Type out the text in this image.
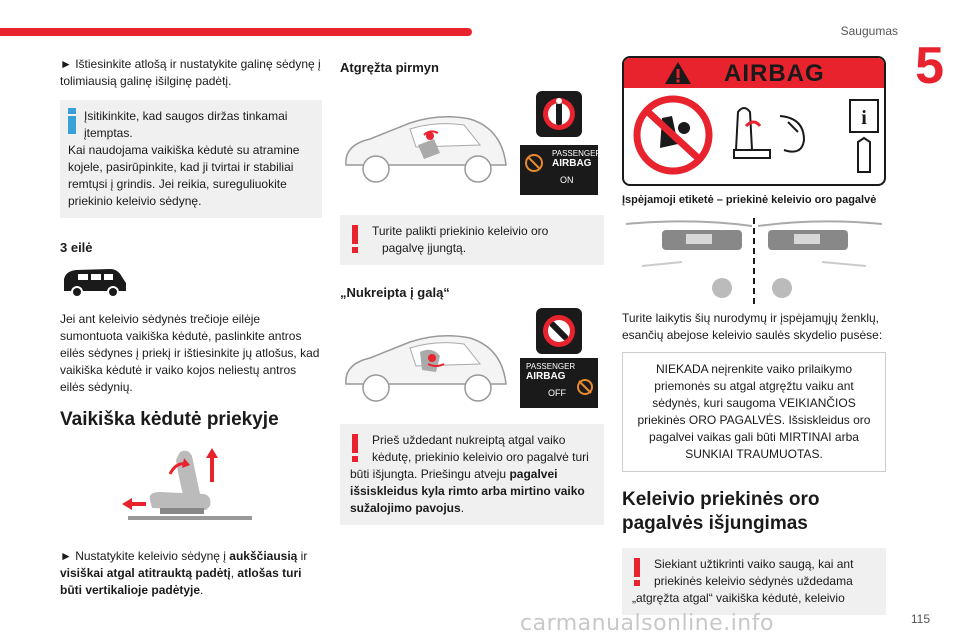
Saugumas
5

► Ištiesinkite atlošą ir nustatykite galinę sėdynę į tolimiausią galinę išilginę padėtį.

Įsitikinkite, kad saugos diržas tinkamai
įtemptas.
Kai naudojama vaikiška kėdutė su atramine kojele, pasirūpinkite, kad ji tvirtai ir stabiliai remtųsi į grindis. Jei reikia, sureguliuokite priekinio keleivio sėdynę.
3 eilė

Jei ant keleivio sėdynės trečioje eilėje sumontuota vaikiška kėdutė, paslinkite antros eilės sėdynes į priekį ir ištiesinkite jų atlošus, kad vaikiška kėdutė ir vaiko kojos neliestų antros eilės sėdynių.

Vaikiška kėdutė priekyje

► Nustatykite keleivio sėdynę į aukščiausią ir visiškai atgal atitrauktą padėtį, atlošas turi būti vertikalioje padėtyje.

Atgręžta pirmyn
PASSENGER
AIRBAG
ON
Turite palikti priekinio keleivio oro
pagalvę įjungtą.
„Nukreipta į galą“
PASSENGER
AIRBAG
OFF
Prieš uždedant nukreiptą atgal vaiko
kėdutę, priekinio keleivio oro pagalvė turi
būti išjungta. Priešingu atveju pagalvei išsiskleidus kyla rimto arba mirtino vaiko sužalojimo pavojus.
AIRBAG
i
Įspėjamoji etiketė – priekinė keleivio oro pagalvė

Turite laikytis šių nurodymų ir įspėjamųjų ženklų, esančių abejose keleivio saulės skydelio pusėse:

NIEKADA neįrenkite vaiko prilaikymo priemonės su atgal atgręžtu vaiku ant sėdynės, kuri saugoma VEIKIANČIOS priekinės ORO PAGALVĖS. Išsiskleidus oro pagalvei vaikas gali būti MIRTINAI arba SUNKIAI TRAUMUOTAS.
Keleivio priekinės oro pagalvės išjungimas
Siekiant užtikrinti vaiko saugą, kai ant
priekinės keleivio sėdynės uždedama
„atgręžta atgal“ vaikiška kėdutė, keleivio
carmanualsonline.info	115
